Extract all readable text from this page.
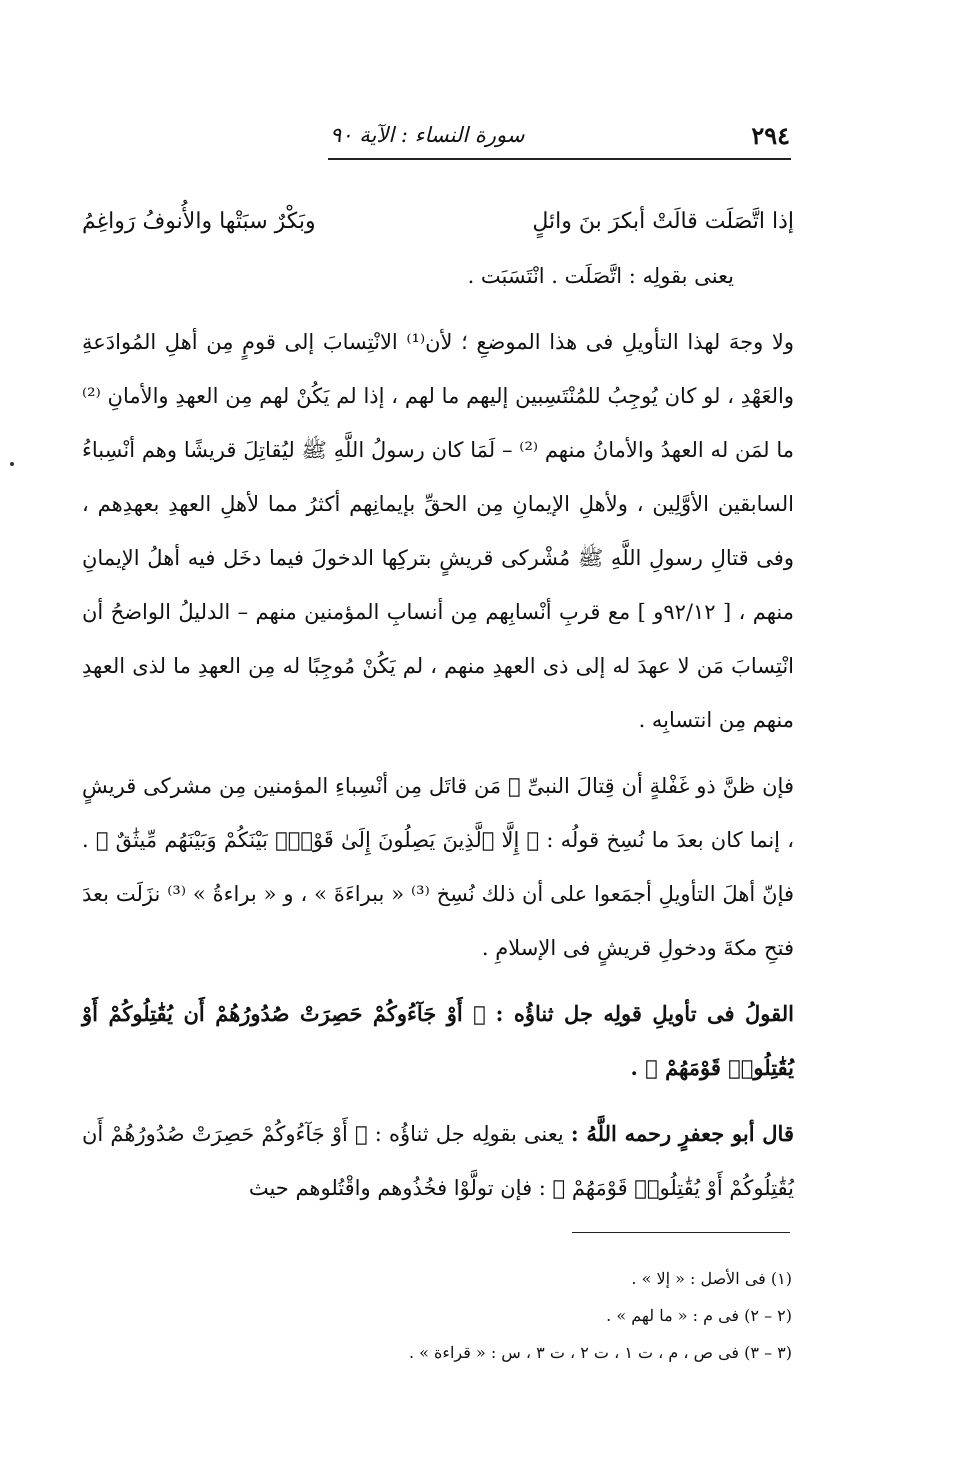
٢٩٤
سورة النساء : الآية ٩٠
إذا اتَّصَلَت قالَتْ أبكرَ بنَ وائلٍ
وبَكْرٌ سبَتْها والأُنوفُ رَواغِمُ

يعنى بقولِه : اتَّصَلَت . انْتَسَبَت .

ولا وجهَ لهذا التأويلِ فى هذا الموضعِ ؛ لأن⁽¹⁾ الانْتِسابَ إلى قومٍ مِن أهلِ المُوادَعةِ والعَهْدِ ، لو كان يُوجِبُ للمُنْتَسِبين إليهم ما لهم ، إذا لم يَكُنْ لهم مِن العهدِ والأمانِ ⁽²⁾ ما لمَن له العهدُ والأمانُ منهم ⁽²⁾ – لَمَا كان رسولُ اللَّهِ ﷺ ليُقاتِلَ قريشًا وهم أنْسِباءُ السابقين الأوَّلِين ، ولأهلِ الإيمانِ مِن الحقِّ بإيمانِهم أكثرُ مما لأهلِ العهدِ بعهدِهم ، وفى قتالِ رسولِ اللَّهِ ﷺ مُشْركى قريشٍ بتركِها الدخولَ فيما دخَل فيه أهلُ الإيمانِ منهم ، [ ٩٢/١٢و ] مع قربِ أنْسابِهم مِن أنسابِ المؤمنين منهم – الدليلُ الواضحُ أن انْتِسابَ مَن لا عهدَ له إلى ذى العهدِ منهم ، لم يَكُنْ مُوجِبًا له مِن العهدِ ما لذى العهدِ منهم مِن انتسابِه .

فإن ظنَّ ذو غَفْلةٍ أن قِتالَ النبىِّ ﷺ مَن قاتَل مِن أنْسِباءِ المؤمنين مِن مشركى قريشٍ ، إنما كان بعدَ ما نُسِخ قولُه : ﴿ إِلَّا ٱلَّذِينَ يَصِلُونَ إِلَىٰ قَوْمٍۭ بَيْنَكُمْ وَبَيْنَهُم مِّيثَٰقٌ ﴾ . فإنّ أهلَ التأويلِ أجمَعوا على أن ذلك نُسِخ ⁽³⁾ « ببراءَةَ » ، و « براءةُ » ⁽³⁾ نزَلَت بعدَ فتحِ مكةَ ودخولِ قريشٍ فى الإسلامِ .

القولُ فى تأويلِ قولِه جل ثناؤُه : ﴿ أَوْ جَآءُوكُمْ حَصِرَتْ صُدُورُهُمْ أَن يُقَٰتِلُوكُمْ أَوْ يُقَٰتِلُوا۟ قَوْمَهُمْ ﴾ .

قال أبو جعفرٍ رحمه اللَّهُ : يعنى بقولِه جل ثناؤُه : ﴿ أَوْ جَآءُوكُمْ حَصِرَتْ صُدُورُهُمْ أَن يُقَٰتِلُوكُمْ أَوْ يُقَٰتِلُوا۟ قَوْمَهُمْ ﴾ : فإن تولَّوْا فخُذُوهم واقْتُلوهم حيث

(١) فى الأصل : « إلا » .
(٢ – ٢) فى م : « ما لهم » .
(٣ – ٣) فى ص ، م ، ت ١ ، ت ٢ ، ت ٣ ، س : « قراءة » .
